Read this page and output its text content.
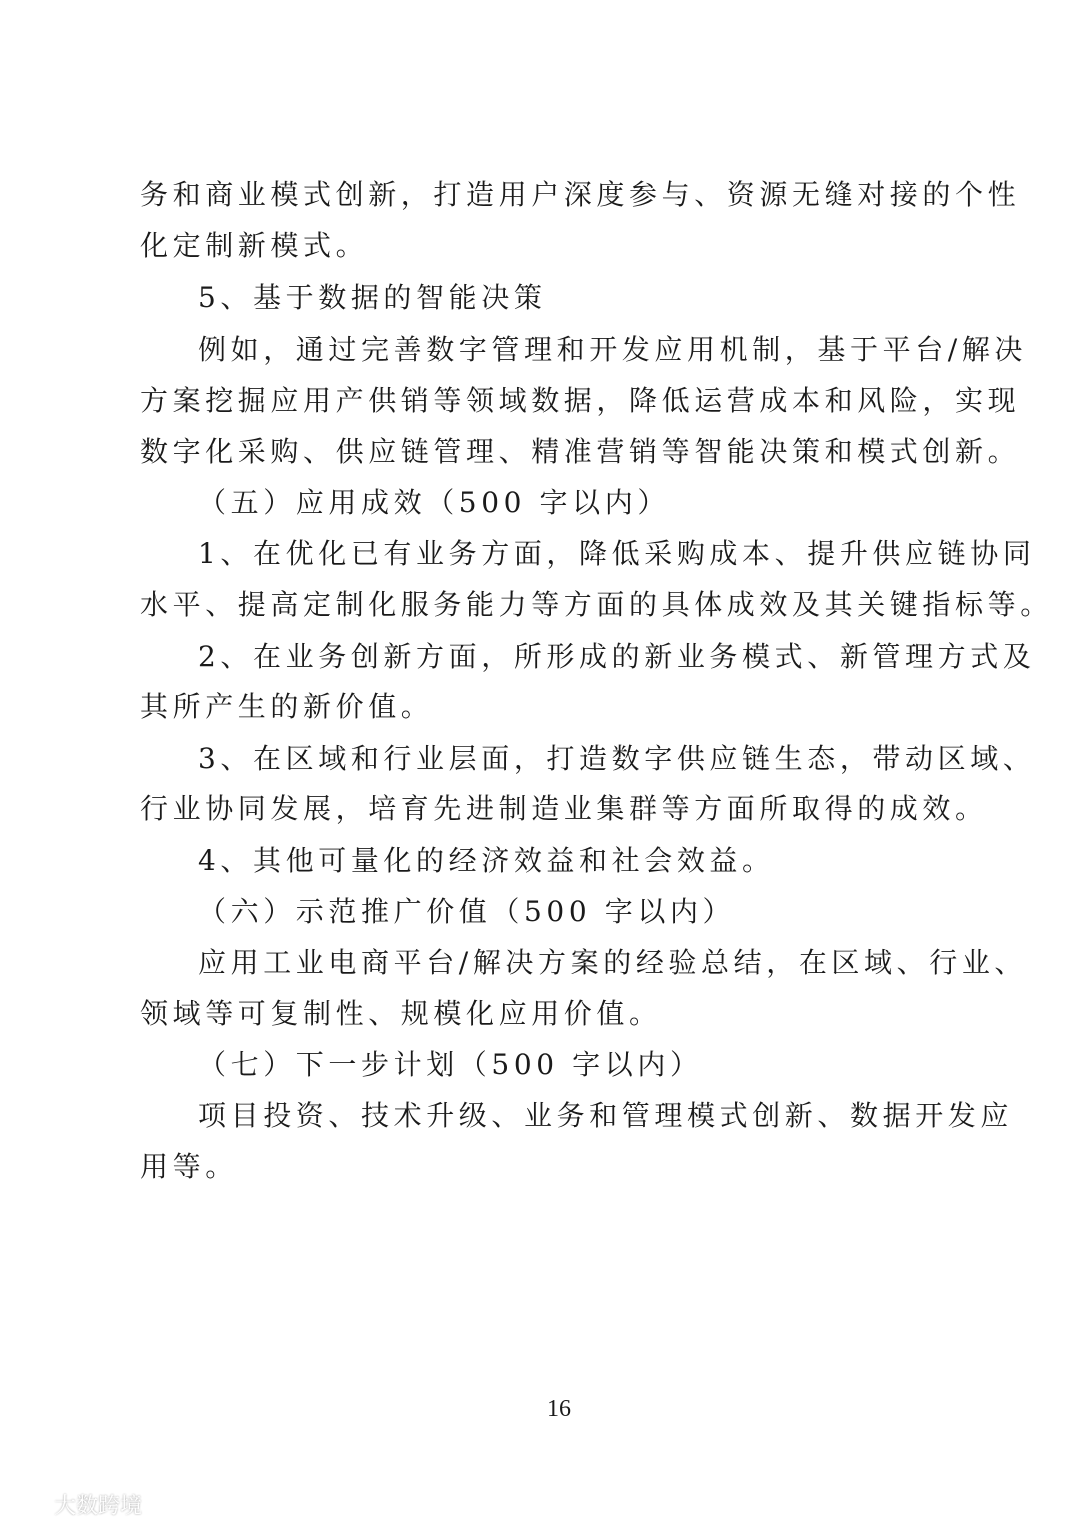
务和商业模式创新，打造用户深度参与、资源无缝对接的个性
化定制新模式。
5、基于数据的智能决策
例如，通过完善数字管理和开发应用机制，基于平台/解决
方案挖掘应用产供销等领域数据，降低运营成本和风险，实现
数字化采购、供应链管理、精准营销等智能决策和模式创新。
（五）应用成效（500 字以内）
1、在优化已有业务方面，降低采购成本、提升供应链协同
水平、提高定制化服务能力等方面的具体成效及其关键指标等。
2、在业务创新方面，所形成的新业务模式、新管理方式及
其所产生的新价值。
3、在区域和行业层面，打造数字供应链生态，带动区域、
行业协同发展，培育先进制造业集群等方面所取得的成效。
4、其他可量化的经济效益和社会效益。
（六）示范推广价值（500 字以内）
应用工业电商平台/解决方案的经验总结，在区域、行业、
领域等可复制性、规模化应用价值。
（七）下一步计划（500 字以内）
项目投资、技术升级、业务和管理模式创新、数据开发应
用等。
16
大数跨境
